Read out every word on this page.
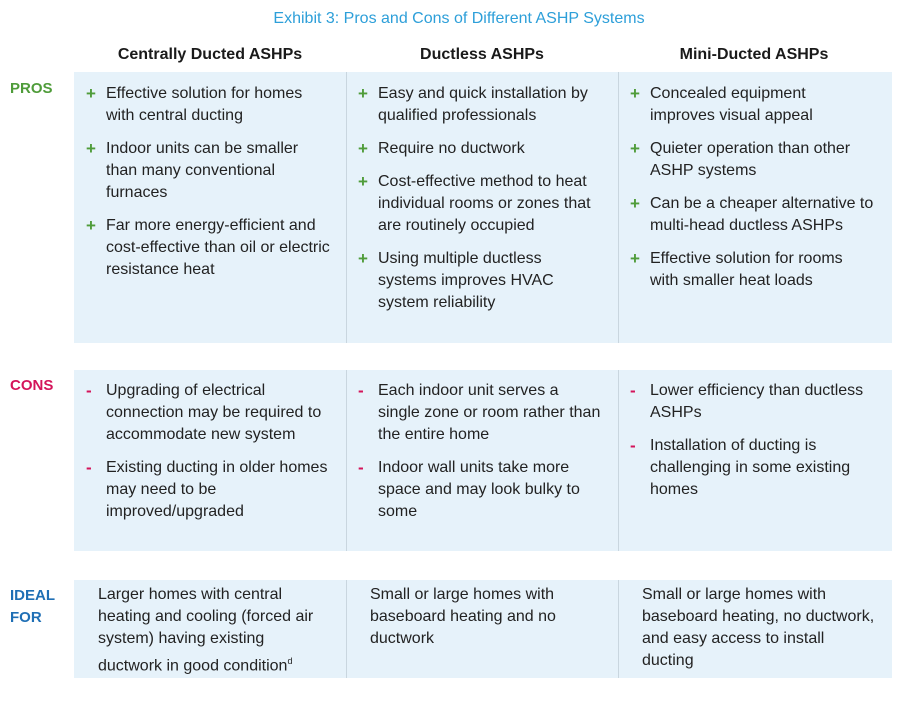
Exhibit 3: Pros and Cons of Different ASHP Systems
Centrally Ducted ASHPs	Ductless ASHPs	Mini-Ducted ASHPs
PROS + Effective solution for homes with central ducting
+ Indoor units can be smaller than many conventional furnaces
+ Far more energy-efficient and cost-effective than oil or electric resistance heat
+ Easy and quick installation by qualified professionals
+ Require no ductwork
+ Cost-effective method to heat individual rooms or zones that are routinely occupied
+ Using multiple ductless systems improves HVAC system reliability
+ Concealed equipment improves visual appeal
+ Quieter operation than other ASHP systems
+ Can be a cheaper alternative to multi-head ductless ASHPs
+ Effective solution for rooms with smaller heat loads
CONS - Upgrading of electrical connection may be required to accommodate new system
- Existing ducting in older homes may need to be improved/upgraded
- Each indoor unit serves a single zone or room rather than the entire home
- Indoor wall units take more space and may look bulky to some
- Lower efficiency than ductless ASHPs
- Installation of ducting is challenging in some existing homes
IDEAL
FOR
Larger homes with central heating and cooling (forced air system) having existing ductwork in good condition$^d$
Small or large homes with baseboard heating and no ductwork
Small or large homes with baseboard heating, no ductwork, and easy access to install ducting
